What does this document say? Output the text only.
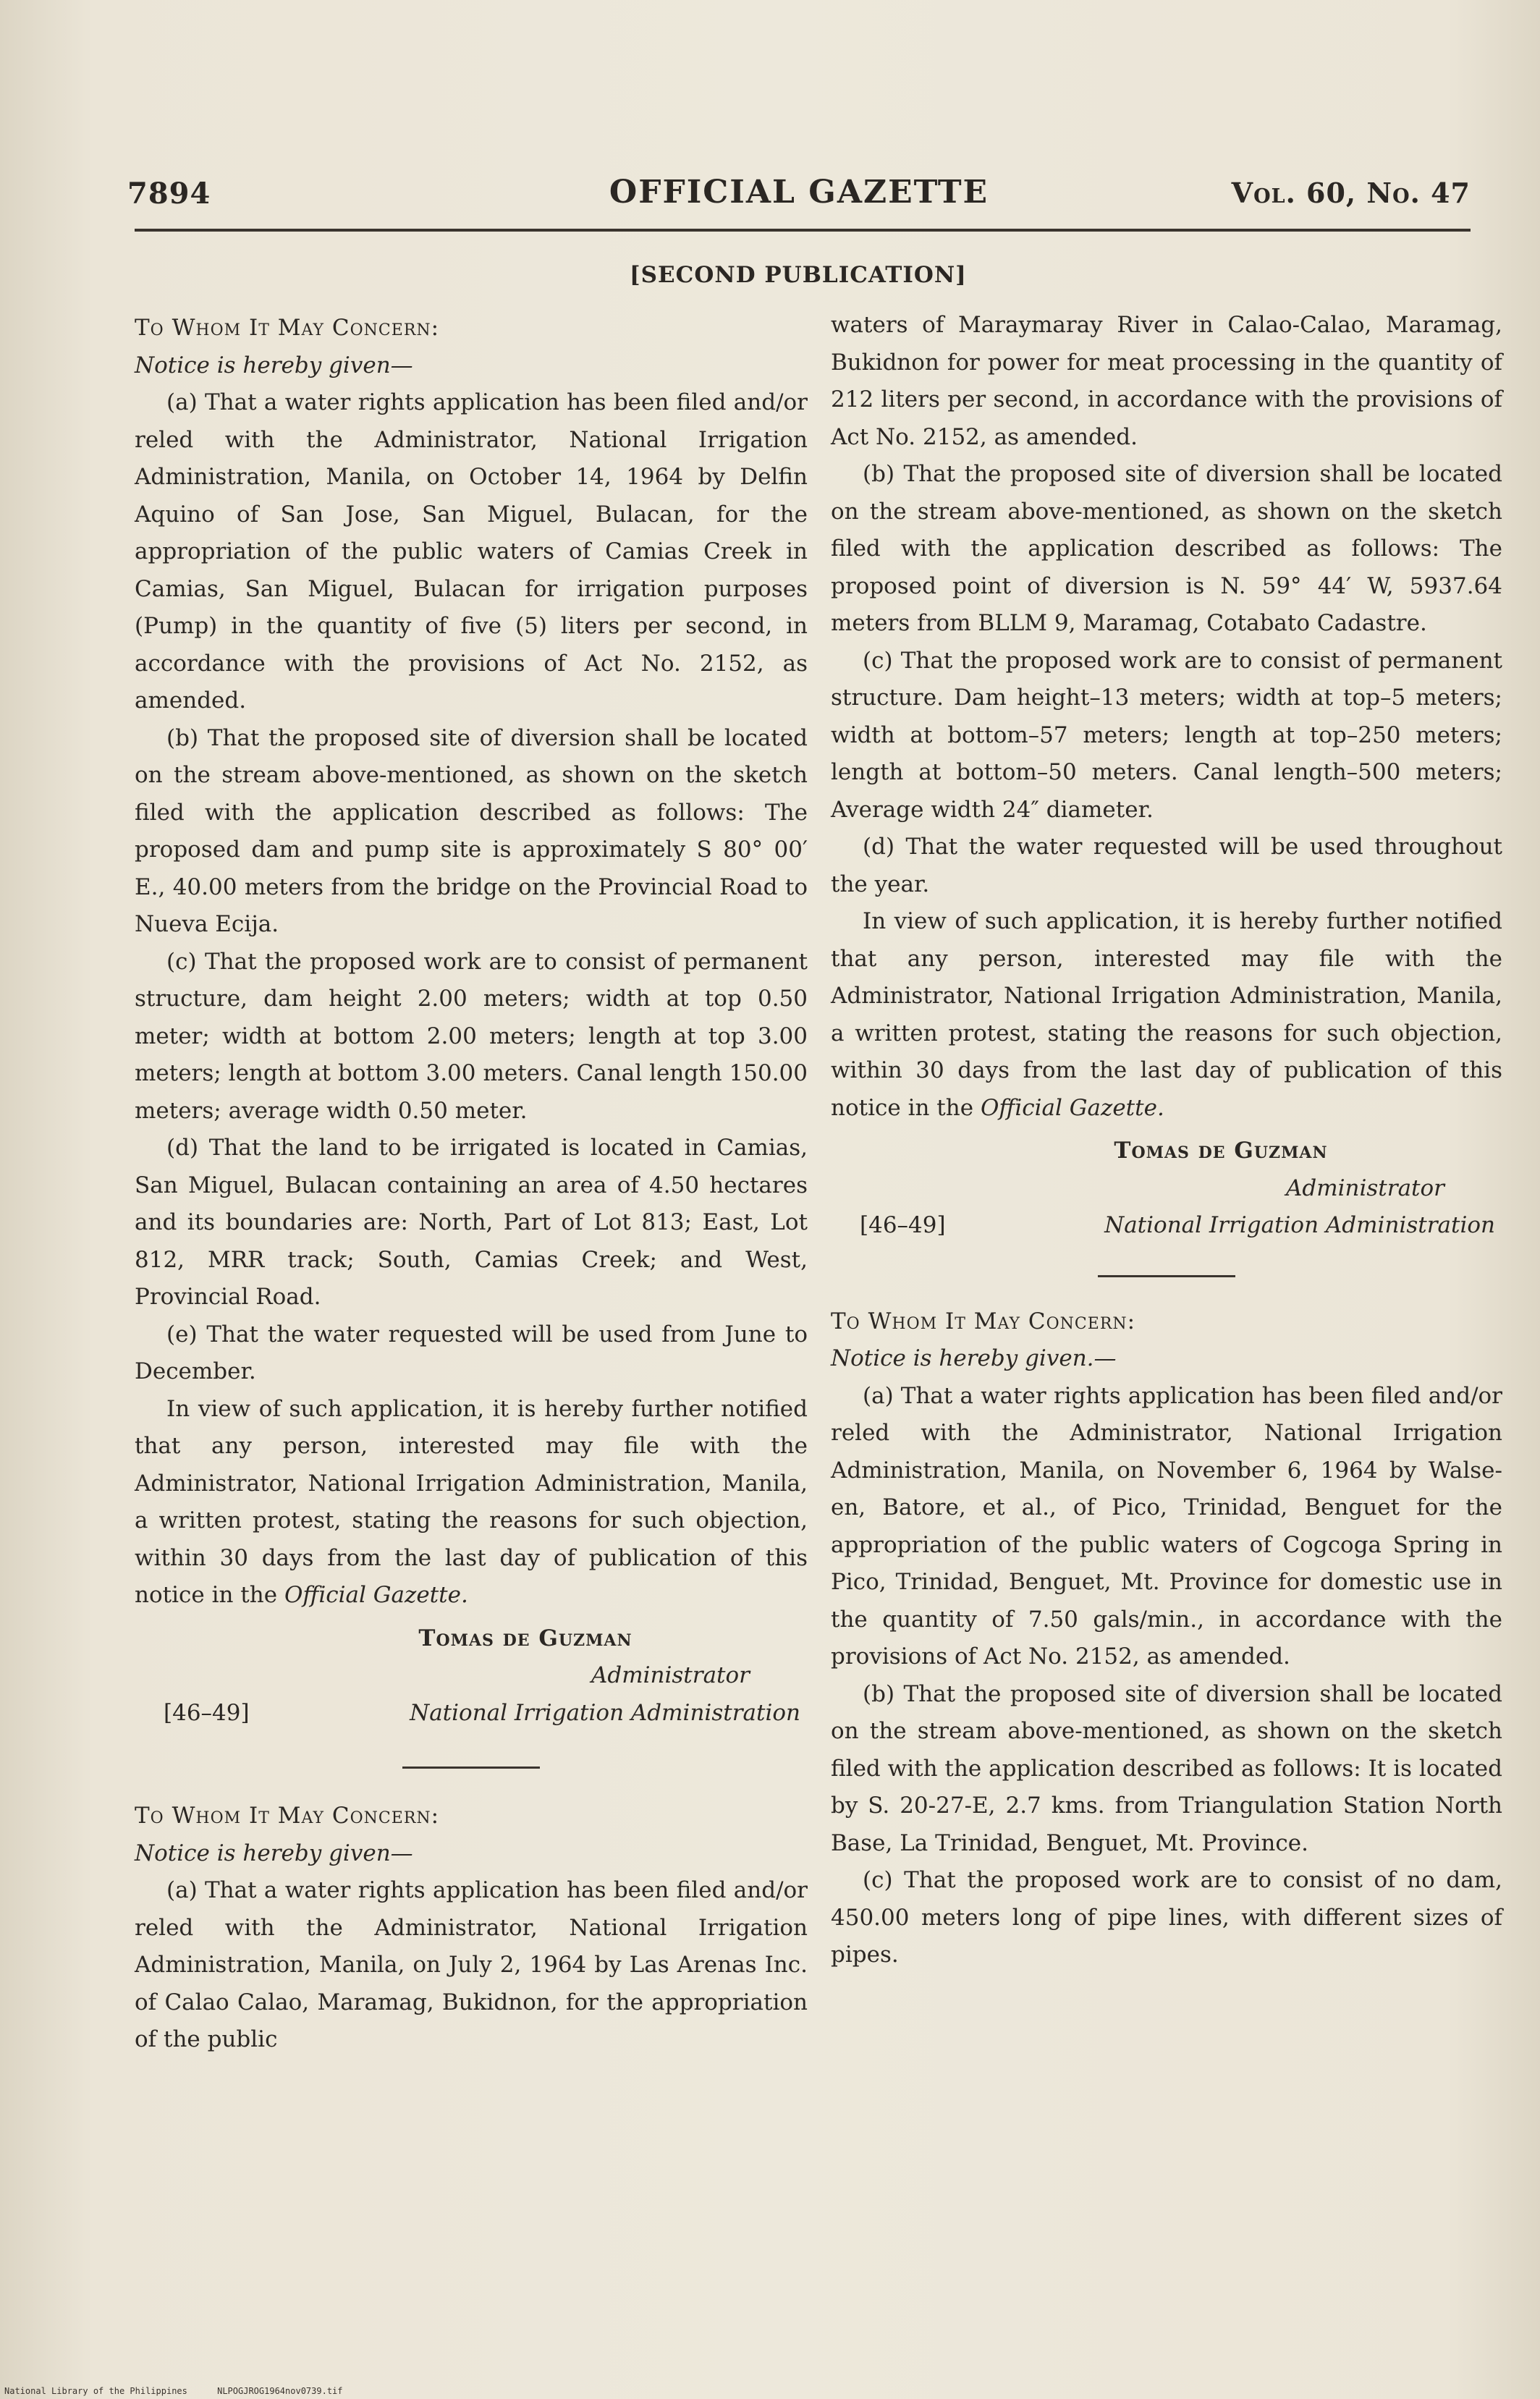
7894	OFFICIAL GAZETTE	Vol. 60, No. 47
[SECOND PUBLICATION]

To Whom It May Concern:

Notice is hereby given—

(a) That a water rights application has been filed and/or reled with the Administrator, National Irrigation Administration, Manila, on October 14, 1964 by Delfin Aquino of San Jose, San Miguel, Bulacan, for the appropriation of the public waters of Camias Creek in Camias, San Miguel, Bulacan for irrigation purposes (Pump) in the quantity of five (5) liters per second, in accordance with the provisions of Act No. 2152, as amended.

(b) That the proposed site of diversion shall be located on the stream above-mentioned, as shown on the sketch filed with the application described as follows: The proposed dam and pump site is approximately S 80° 00′ E., 40.00 meters from the bridge on the Provincial Road to Nueva Ecija.

(c) That the proposed work are to consist of permanent structure, dam height 2.00 meters; width at top 0.50 meter; width at bottom 2.00 meters; length at top 3.00 meters; length at bottom 3.00 meters. Canal length 150.00 meters; average width 0.50 meter.

(d) That the land to be irrigated is located in Camias, San Miguel, Bulacan containing an area of 4.50 hectares and its boundaries are: North, Part of Lot 813; East, Lot 812, MRR track; South, Camias Creek; and West, Provincial Road.

(e) That the water requested will be used from June to December.

In view of such application, it is hereby further notified that any person, interested may file with the Administrator, National Irrigation Administration, Manila, a written protest, stating the reasons for such objection, within 30 days from the last day of publication of this notice in the Official Gazette.

Tomas de Guzman
Administrator
[46–49]	National Irrigation Administration

To Whom It May Concern:

Notice is hereby given—

(a) That a water rights application has been filed and/or reled with the Administrator, National Irrigation Administration, Manila, on July 2, 1964 by Las Arenas Inc. of Calao Calao, Maramag, Bukidnon, for the appropriation of the public

waters of Maraymaray River in Calao-Calao, Maramag, Bukidnon for power for meat processing in the quantity of 212 liters per second, in accordance with the provisions of Act No. 2152, as amended.

(b) That the proposed site of diversion shall be located on the stream above-mentioned, as shown on the sketch filed with the application described as follows: The proposed point of diversion is N. 59° 44′ W, 5937.64 meters from BLLM 9, Maramag, Cotabato Cadastre.

(c) That the proposed work are to consist of permanent structure. Dam height–13 meters; width at top–5 meters; width at bottom–57 meters; length at top–250 meters; length at bottom–50 meters. Canal length–500 meters; Average width 24″ diameter.

(d) That the water requested will be used throughout the year.

In view of such application, it is hereby further notified that any person, interested may file with the Administrator, National Irrigation Administration, Manila, a written protest, stating the reasons for such objection, within 30 days from the last day of publication of this notice in the Official Gazette.

Tomas de Guzman
Administrator
[46–49]	National Irrigation Administration

To Whom It May Concern:

Notice is hereby given.—

(a) That a water rights application has been filed and/or reled with the Administrator, National Irrigation Administration, Manila, on November 6, 1964 by Walse-en, Batore, et al., of Pico, Trinidad, Benguet for the appropriation of the public waters of Cogcoga Spring in Pico, Trinidad, Benguet, Mt. Province for domestic use in the quantity of 7.50 gals/min., in accordance with the provisions of Act No. 2152, as amended.

(b) That the proposed site of diversion shall be located on the stream above-mentioned, as shown on the sketch filed with the application described as follows: It is located by S. 20-27-E, 2.7 kms. from Triangulation Station North Base, La Trinidad, Benguet, Mt. Province.

(c) That the proposed work are to consist of no dam, 450.00 meters long of pipe lines, with different sizes of pipes.

National Library of the Philippines	NLPOGJROG1964nov0739.tif
